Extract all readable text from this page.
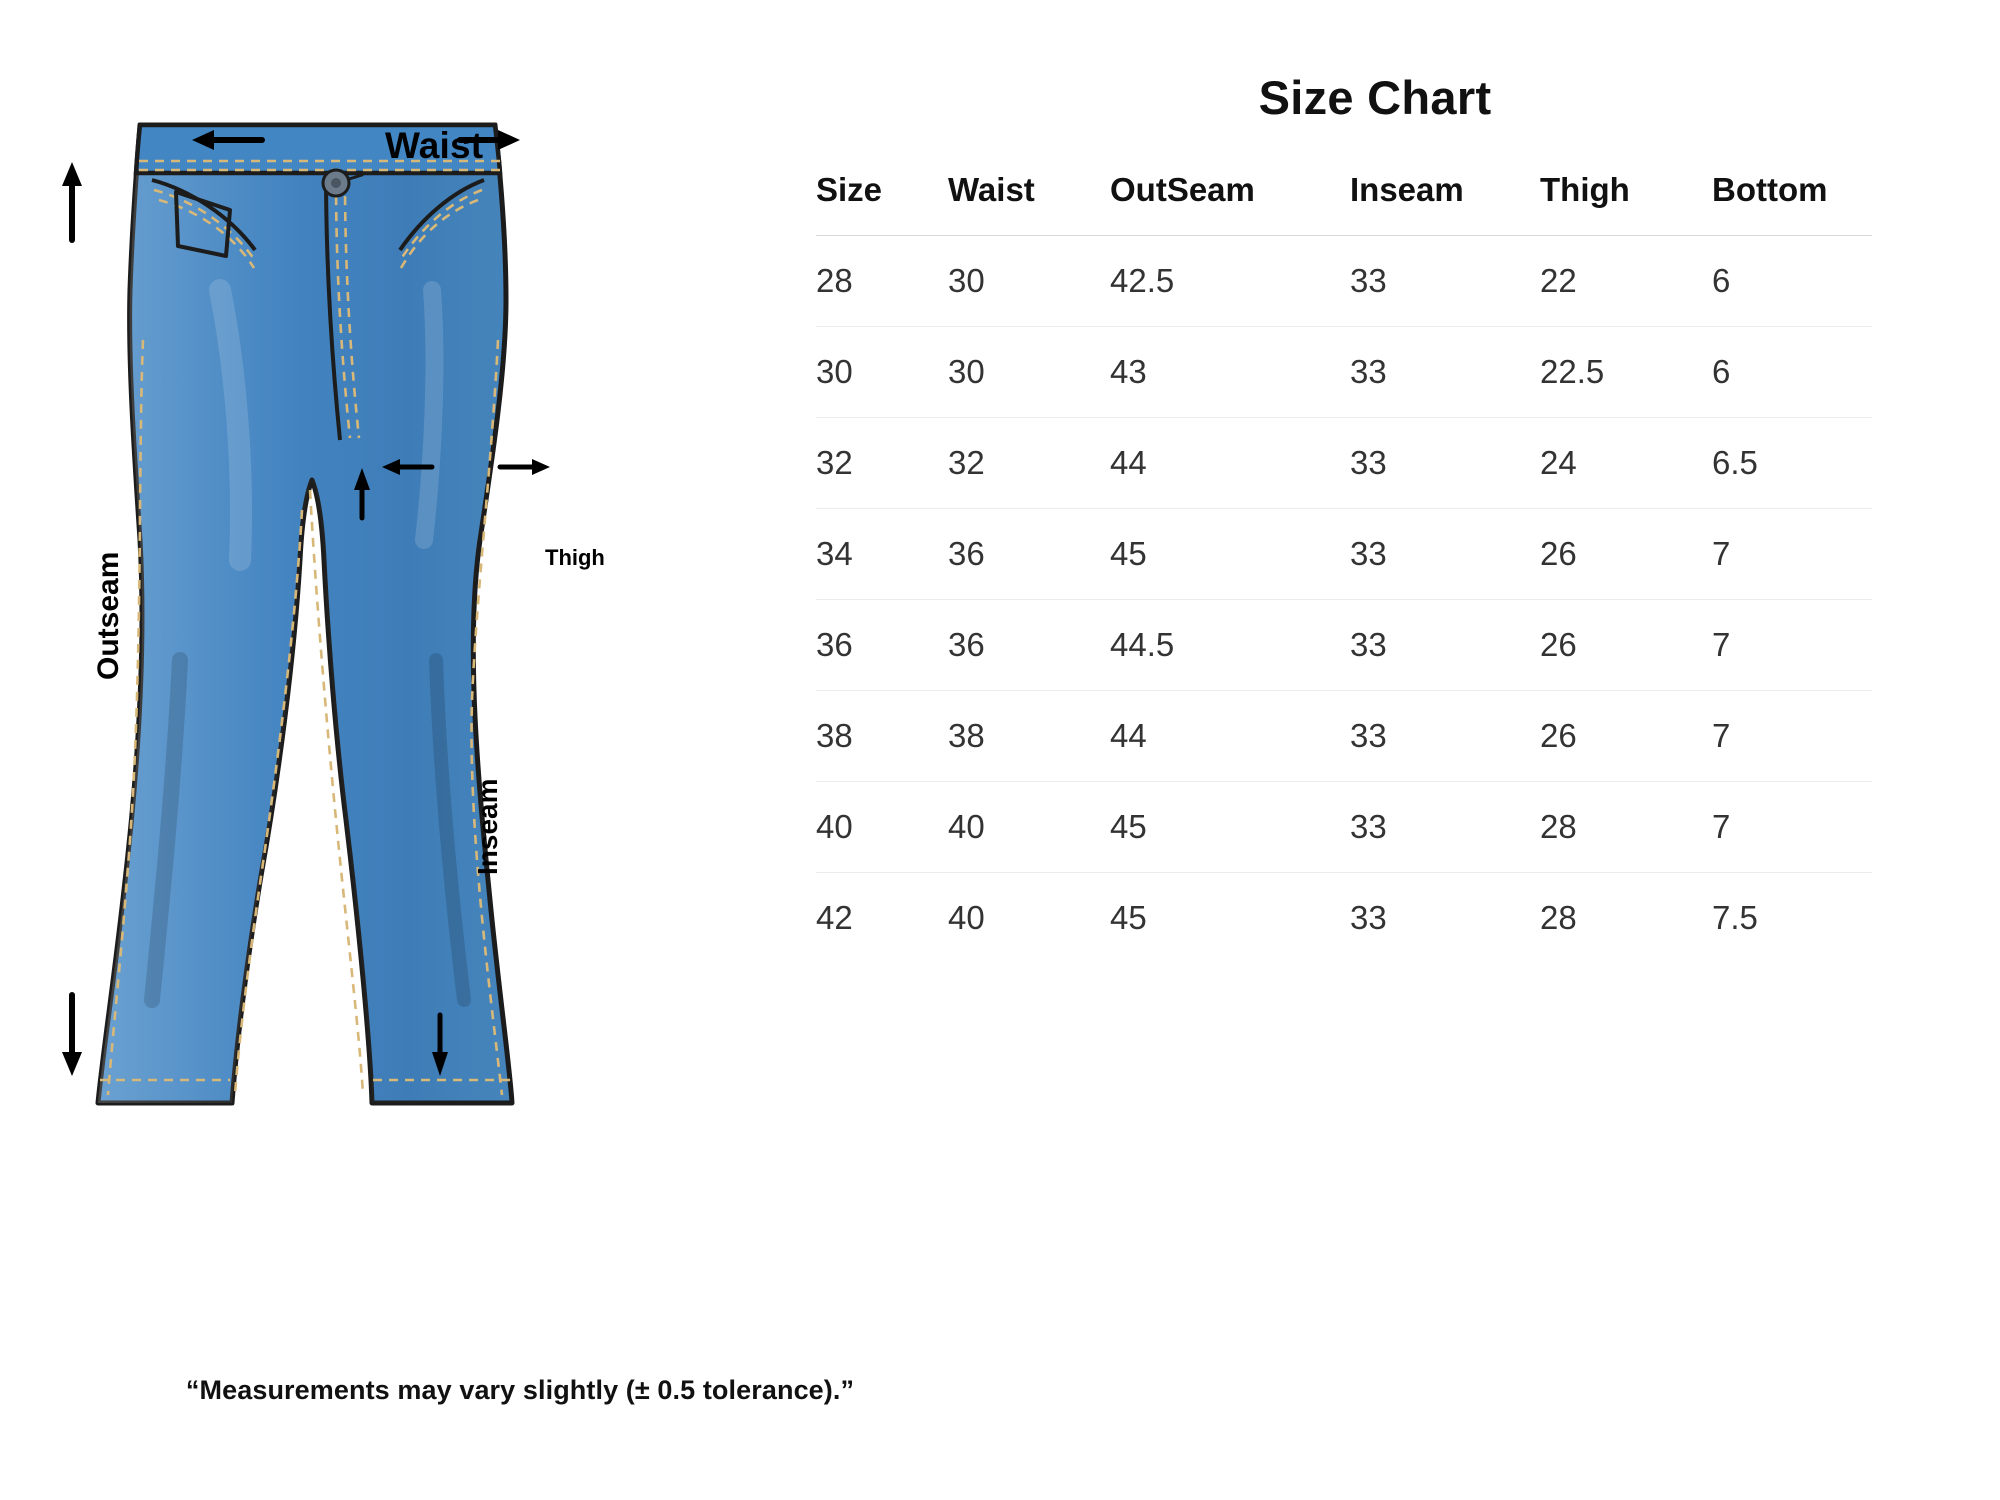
Waist
Thigh
Outseam
Inseam
Size Chart
Size	Waist	OutSeam	Inseam	Thigh	Bottom
28	30	42.5	33	22	6
30	30	43	33	22.5	6
32	32	44	33	24	6.5
34	36	45	33	26	7
36	36	44.5	33	26	7
38	38	44	33	26	7
40	40	45	33	28	7
42	40	45	33	28	7.5
“Measurements may vary slightly (± 0.5 tolerance).”
